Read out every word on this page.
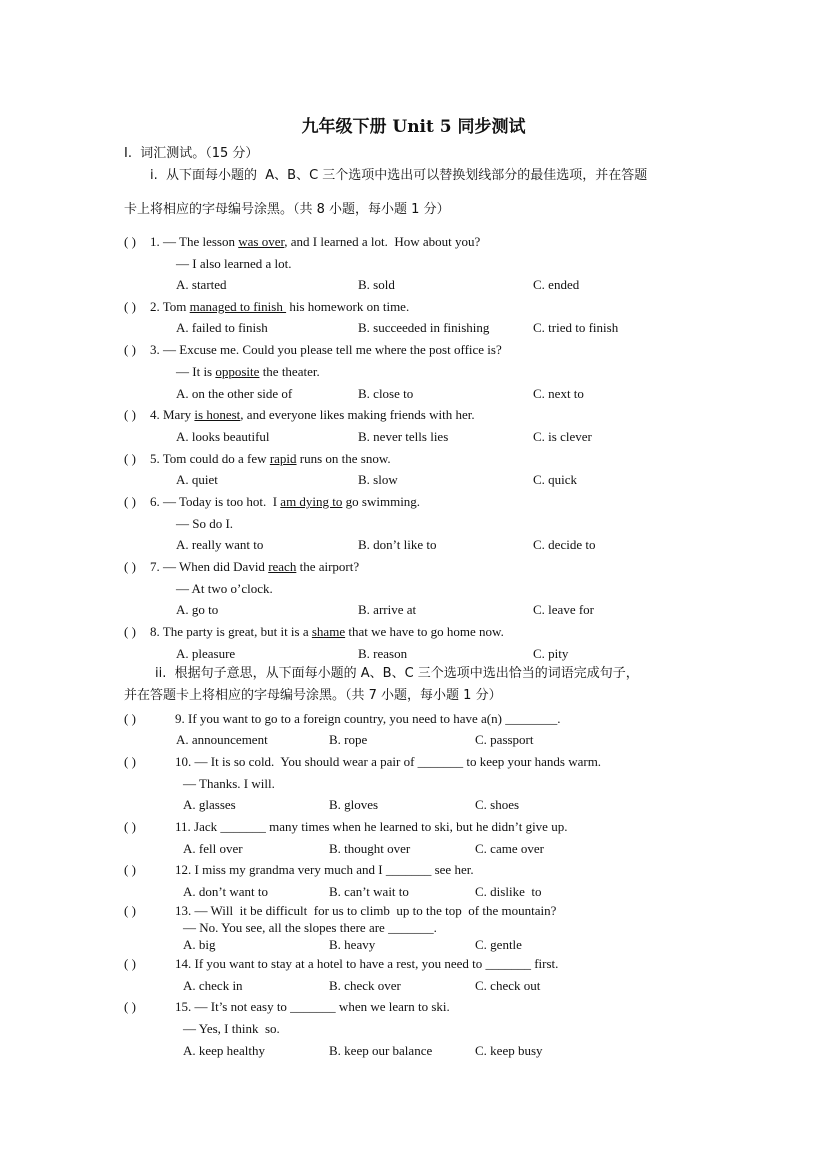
九年级下册 Unit 5 同步测试
I.  词汇测试。（15 分）
i.  从下面每小题的  A、B、C 三个选项中选出可以替换划线部分的最佳选项，并在答题
卡上将相应的字母编号涂黑。（共 8 小题，每小题 1 分）
( ) 1. — The lesson was over, and I learned a lot.  How about you?
— I also learned a lot.
A. started	B. sold	C. ended
( ) 2. Tom managed to finish  his homework on time.
A. failed to finish	B. succeeded in finishing	C. tried to finish
( ) 3. — Excuse me. Could you please tell me where the post office is?
— It is opposite the theater.
A. on the other side of	B. close to	C. next to
( ) 4. Mary is honest, and everyone likes making friends with her.
A. looks beautiful	B. never tells lies	C. is clever
( ) 5. Tom could do a few rapid runs on the snow.
A. quiet	B. slow	C. quick
( ) 6. — Today is too hot.  I am dying to go swimming.
— So do I.
A. really want to	B. don’t like to	C. decide to
( ) 7. — When did David reach the airport?
— At two o’clock.
A. go to	B. arrive at	C. leave for
( ) 8. The party is great, but it is a shame that we have to go home now.
A. pleasure	B. reason	C. pity
ii.  根据句子意思，从下面每小题的 A、B、C 三个选项中选出恰当的词语完成句子，
并在答题卡上将相应的字母编号涂黑。（共 7 小题，每小题 1 分）
( )	9. If you want to go to a foreign country, you need to have a(n) ________.
A. announcement	B. rope	C. passport
( )	10. — It is so cold.  You should wear a pair of _______ to keep your hands warm.
— Thanks. I will.
A. glasses	B. gloves	C. shoes
( )	11. Jack _______ many times when he learned to ski, but he didn’t give up.
A. fell over	B. thought over	C. came over
( )	12. I miss my grandma very much and I _______ see her.
A. don’t want to	B. can’t wait to	C. dislike  to
( )	13. — Will  it be difficult  for us to climb  up to the top  of the mountain?
— No. You see, all the slopes there are _______.
A. big	B. heavy	C. gentle
( )	14. If you want to stay at a hotel to have a rest, you need to _______ first.
A. check in	B. check over	C. check out
( )	15. — It’s not easy to _______ when we learn to ski.
— Yes, I think  so.
A. keep healthy	B. keep our balance	C. keep busy
